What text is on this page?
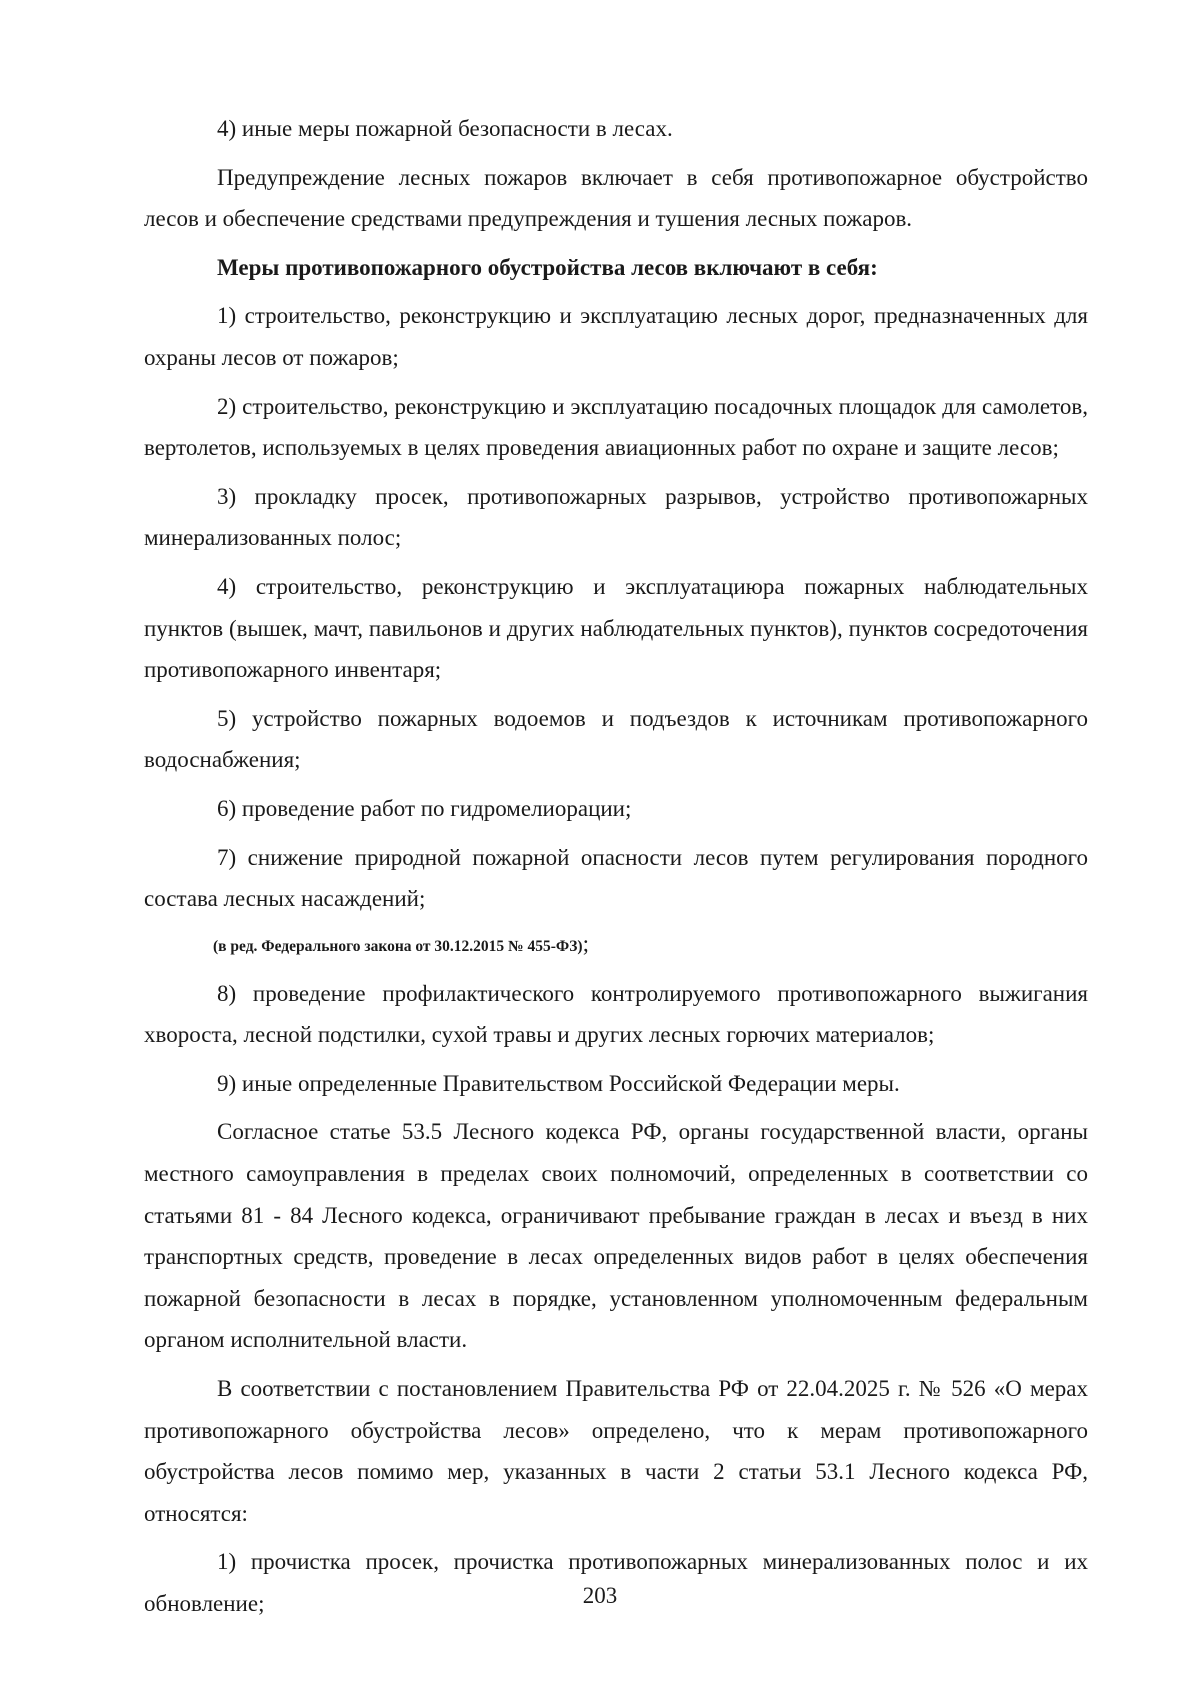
4) иные меры пожарной безопасности в лесах.

Предупреждение лесных пожаров включает в себя противопожарное обустройство лесов и обеспечение средствами предупреждения и тушения лесных пожаров.

Меры противопожарного обустройства лесов включают в себя:

1) строительство, реконструкцию и эксплуатацию лесных дорог, предназначенных для охраны лесов от пожаров;

2) строительство, реконструкцию и эксплуатацию посадочных площадок для самолетов, вертолетов, используемых в целях проведения авиационных работ по охране и защите лесов;

3) прокладку просек, противопожарных разрывов, устройство противопожарных минерализованных полос;

4) строительство, реконструкцию и эксплуатациюра пожарных наблюдательных пунктов (вышек, мачт, павильонов и других наблюдательных пунктов), пунктов сосредоточения противопожарного инвентаря;

5) устройство пожарных водоемов и подъездов к источникам противопожарного водоснабжения;

6) проведение работ по гидромелиорации;

7) снижение природной пожарной опасности лесов путем регулирования породного состава лесных насаждений;

(в ред. Федерального закона от 30.12.2015 № 455-ФЗ);

8) проведение профилактического контролируемого противопожарного выжигания хвороста, лесной подстилки, сухой травы и других лесных горючих материалов;

9) иные определенные Правительством Российской Федерации меры.

Согласное статье 53.5 Лесного кодекса РФ, органы государственной власти, органы местного самоуправления в пределах своих полномочий, определенных в соответствии со статьями 81 - 84 Лесного кодекса, ограничивают пребывание граждан в лесах и въезд в них транспортных средств, проведение в лесах определенных видов работ в целях обеспечения пожарной безопасности в лесах в порядке, установленном уполномоченным федеральным органом исполнительной власти.

В соответствии с постановлением Правительства РФ от 22.04.2025 г. № 526 «О мерах противопожарного обустройства лесов» определено, что к мерам противопожарного обустройства лесов помимо мер, указанных в части 2 статьи 53.1 Лесного кодекса РФ, относятся:

1) прочистка просек, прочистка противопожарных минерализованных полос и их обновление;	203
